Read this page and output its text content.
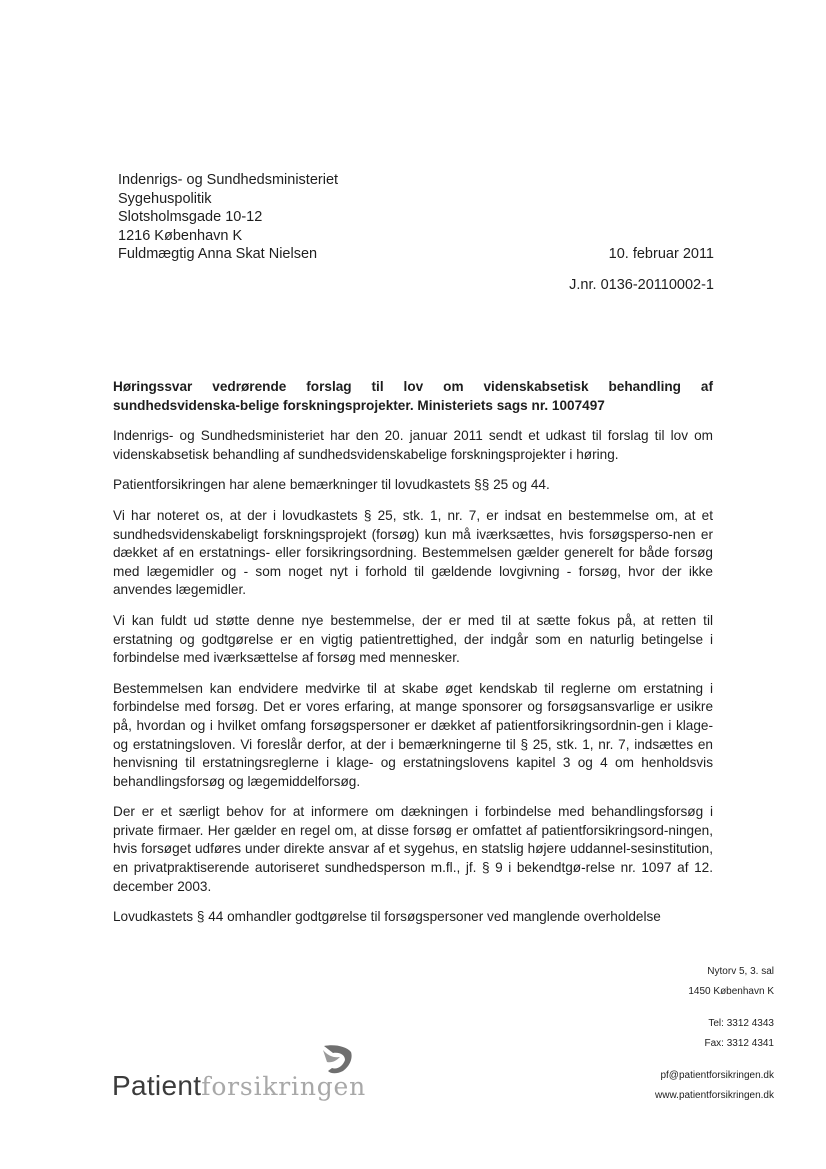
Indenrigs- og Sundhedsministeriet
Sygehuspolitik
Slotsholmsgade 10-12
1216 København K
Fuldmægtig Anna Skat Nielsen	10. februar 2011
J.nr. 0136-20110002-1

Høringssvar vedrørende forslag til lov om videnskabsetisk behandling af sundhedsvidenska-belige forskningsprojekter. Ministeriets sags nr. 1007497

Indenrigs- og Sundhedsministeriet har den 20. januar 2011 sendt et udkast til forslag til lov om videnskabsetisk behandling af sundhedsvidenskabelige forskningsprojekter i høring.

Patientforsikringen har alene bemærkninger til lovudkastets §§ 25 og 44.

Vi har noteret os, at der i lovudkastets § 25, stk. 1, nr. 7, er indsat en bestemmelse om, at et sundhedsvidenskabeligt forskningsprojekt (forsøg) kun må iværksættes, hvis forsøgsperso-nen er dækket af en erstatnings- eller forsikringsordning. Bestemmelsen gælder generelt for både forsøg med lægemidler og - som noget nyt i forhold til gældende lovgivning - forsøg, hvor der ikke anvendes lægemidler.

Vi kan fuldt ud støtte denne nye bestemmelse, der er med til at sætte fokus på, at retten til erstatning og godtgørelse er en vigtig patientrettighed, der indgår som en naturlig betingelse i forbindelse med iværksættelse af forsøg med mennesker.

Bestemmelsen kan endvidere medvirke til at skabe øget kendskab til reglerne om erstatning i forbindelse med forsøg. Det er vores erfaring, at mange sponsorer og forsøgsansvarlige er usikre på, hvordan og i hvilket omfang forsøgspersoner er dækket af patientforsikringsordnin-gen i klage- og erstatningsloven. Vi foreslår derfor, at der i bemærkningerne til § 25, stk. 1, nr. 7, indsættes en henvisning til erstatningsreglerne i klage- og erstatningslovens kapitel 3 og 4 om henholdsvis behandlingsforsøg og lægemiddelforsøg.

Der er et særligt behov for at informere om dækningen i forbindelse med behandlingsforsøg i private firmaer. Her gælder en regel om, at disse forsøg er omfattet af patientforsikringsord-ningen, hvis forsøget udføres under direkte ansvar af et sygehus, en statslig højere uddannel-sesinstitution, en privatpraktiserende autoriseret sundhedsperson m.fl., jf. § 9 i bekendtgø-relse nr. 1097 af 12. december 2003.

Lovudkastets § 44 omhandler godtgørelse til forsøgspersoner ved manglende overholdelse

Nytorv 5, 3. sal
1450 København K
Tel: 3312 4343
Fax: 3312 4341
pf@patientforsikringen.dk
www.patientforsikringen.dk
Patientforsikringen
